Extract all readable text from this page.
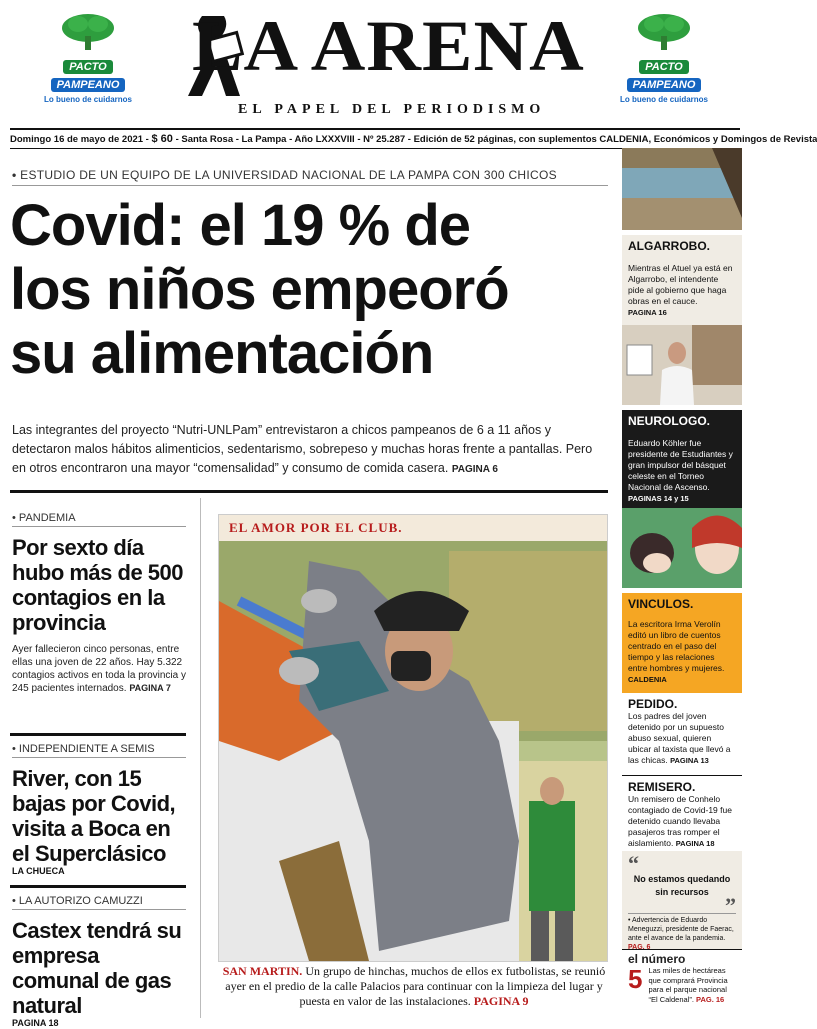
PACTO
PAMPEANO
Lo bueno de cuidarnos
LA ARENA
EL PAPEL DEL PERIODISMO
PACTO
PAMPEANO
Lo bueno de cuidarnos
Domingo 16 de mayo de 2021 - $ 60 - Santa Rosa - La Pampa - Año LXXXVIII - Nº 25.287 - Edición de 52 páginas, con suplementos CALDENIA, Económicos y Domingos de Revista
• ESTUDIO DE UN EQUIPO DE LA UNIVERSIDAD NACIONAL DE LA PAMPA CON 300 CHICOS
Covid: el 19 % de
los niños empeoró
su alimentación
Las integrantes del proyecto “Nutri-UNLPam” entrevistaron a chicos pampeanos de 6 a 11 años y detectaron malos hábitos alimenticios, sedentarismo, sobrepeso y muchas horas frente a pantallas. Pero en otros encontraron una mayor “comensalidad” y consumo de comida casera. PAGINA 6
• PANDEMIA
Por sexto día hubo más de 500 contagios en la provincia
Ayer fallecieron cinco personas, entre ellas una joven de 22 años. Hay 5.322 contagios activos en toda la provincia y 245 pacientes internados. PAGINA 7
• INDEPENDIENTE A SEMIS
River, con 15 bajas por Covid, visita a Boca en el Superclásico
LA CHUECA
• LA AUTORIZO CAMUZZI
Castex tendrá su empresa comunal de gas natural
PAGINA 18
EL AMOR POR EL CLUB.
SAN MARTIN. Un grupo de hinchas, muchos de ellos ex futbolistas, se reunió ayer en el predio de la calle Palacios para continuar con la limpieza del lugar y puesta en valor de las instalaciones. PAGINA 9
ALGARROBO.
Mientras el Atuel ya está en Algarrobo, el intendente pide al gobierno que haga obras en el cauce.
PAGINA 16
NEUROLOGO.
Eduardo Köhler fue presidente de Estudiantes y gran impulsor del básquet celeste en el Torneo Nacional de Ascenso.
PAGINAS 14 y 15
VINCULOS.
La escritora Irma Verolín editó un libro de cuentos centrado en el paso del tiempo y las relaciones entre hombres y mujeres.
CALDENIA
PEDIDO.
Los padres del joven detenido por un supuesto abuso sexual, quieren ubicar al taxista que llevó a las chicas. PAGINA 13
REMISERO.
Un remisero de Conhelo contagiado de Covid-19 fue detenido cuando llevaba pasajeros tras romper el aislamiento. PAGINA 18
“
No estamos quedando sin recursos
”
• Advertencia de Eduardo Meneguzzi, presidente de Faerac, ante el avance de la pandemia. PAG. 6
el número
5 Las miles de hectáreas que comprará Provincia para el parque nacional “El Caldenal”. PAG. 16
